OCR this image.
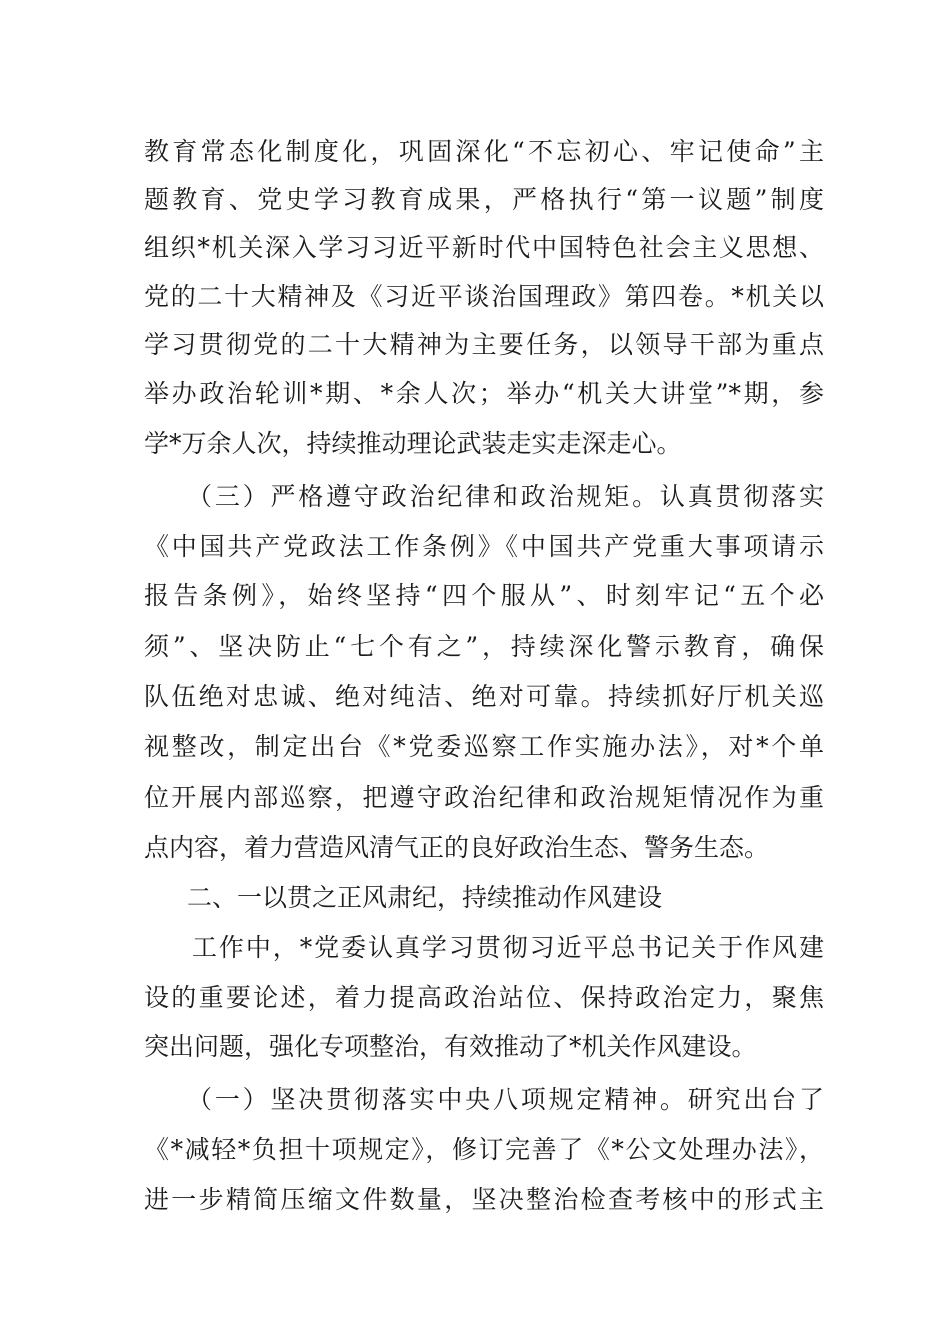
教育常态化制度化，巩固深化“不忘初心、牢记使命”主
题教育、党史学习教育成果，严格执行“第一议题”制度
组织*机关深入学习习近平新时代中国特色社会主义思想、
党的二十大精神及《习近平谈治国理政》第四卷。*机关以
学习贯彻党的二十大精神为主要任务，以领导干部为重点
举办政治轮训*期、*余人次；举办“机关大讲堂”*期，参
学*万余人次，持续推动理论武装走实走深走心。
（三）严格遵守政治纪律和政治规矩。认真贯彻落实
《中国共产党政法工作条例》《中国共产党重大事项请示
报告条例》，始终坚持“四个服从”、时刻牢记“五个必
须”、坚决防止“七个有之”，持续深化警示教育，确保
队伍绝对忠诚、绝对纯洁、绝对可靠。持续抓好厅机关巡
视整改，制定出台《*党委巡察工作实施办法》，对*个单
位开展内部巡察，把遵守政治纪律和政治规矩情况作为重
点内容，着力营造风清气正的良好政治生态、警务生态。
二、一以贯之正风肃纪，持续推动作风建设
工作中，*党委认真学习贯彻习近平总书记关于作风建
设的重要论述，着力提高政治站位、保持政治定力，聚焦
突出问题，强化专项整治，有效推动了*机关作风建设。
（一）坚决贯彻落实中央八项规定精神。研究出台了
《*减轻*负担十项规定》，修订完善了《*公文处理办法》，
进一步精简压缩文件数量，坚决整治检查考核中的形式主
